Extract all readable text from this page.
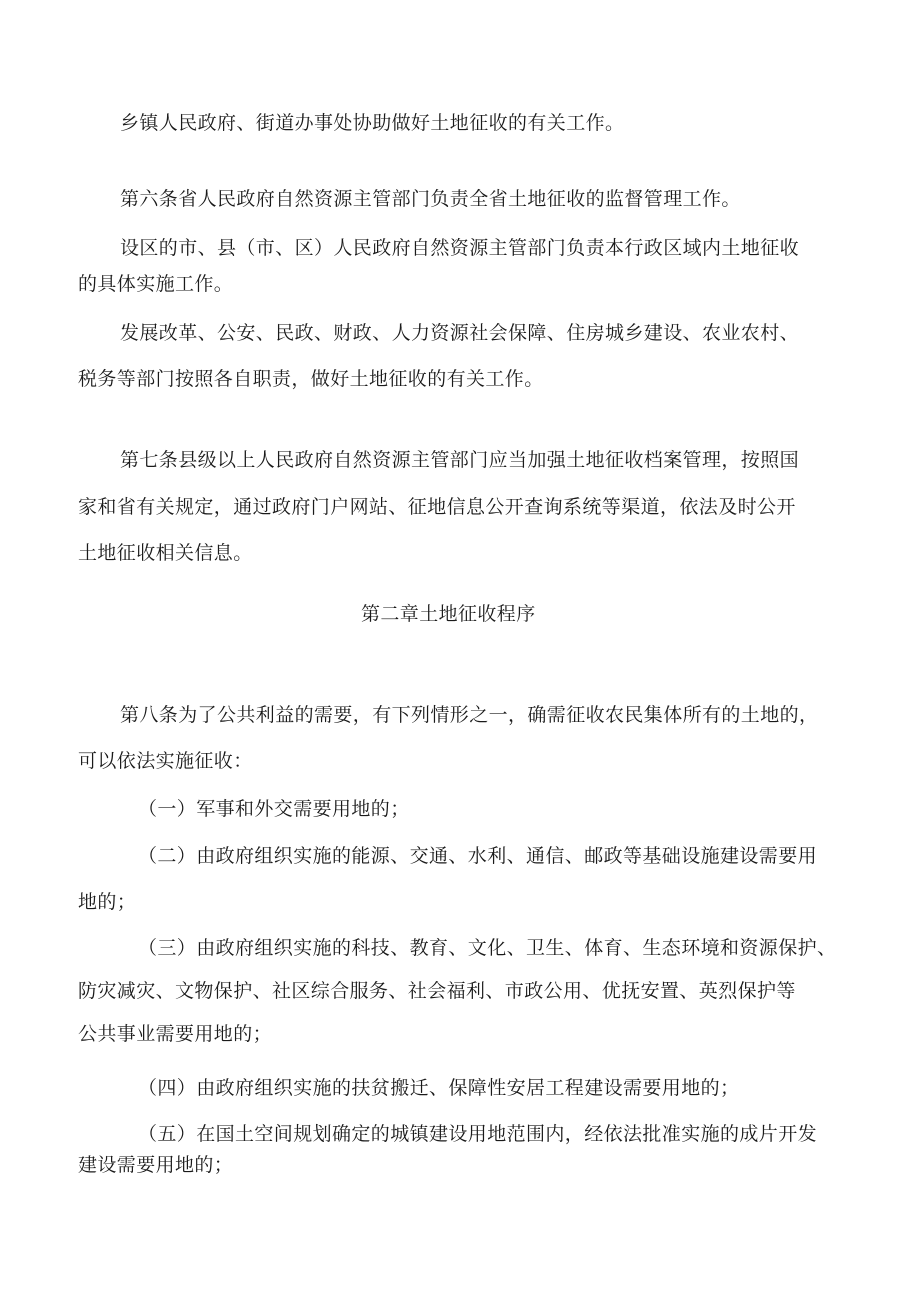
乡镇人民政府、街道办事处协助做好土地征收的有关工作。
第六条省人民政府自然资源主管部门负责全省土地征收的监督管理工作。
设区的市、县（市、区）人民政府自然资源主管部门负责本行政区域内土地征收
的具体实施工作。
发展改革、公安、民政、财政、人力资源社会保障、住房城乡建设、农业农村、
税务等部门按照各自职责，做好土地征收的有关工作。
第七条县级以上人民政府自然资源主管部门应当加强土地征收档案管理，按照国
家和省有关规定，通过政府门户网站、征地信息公开查询系统等渠道，依法及时公开
土地征收相关信息。
第二章土地征收程序
第八条为了公共利益的需要，有下列情形之一，确需征收农民集体所有的土地的，
可以依法实施征收：
（一）军事和外交需要用地的；
（二）由政府组织实施的能源、交通、水利、通信、邮政等基础设施建设需要用
地的；
（三）由政府组织实施的科技、教育、文化、卫生、体育、生态环境和资源保护、
防灾减灾、文物保护、社区综合服务、社会福利、市政公用、优抚安置、英烈保护等
公共事业需要用地的；
（四）由政府组织实施的扶贫搬迁、保障性安居工程建设需要用地的；
（五）在国土空间规划确定的城镇建设用地范围内，经依法批准实施的成片开发
建设需要用地的；
